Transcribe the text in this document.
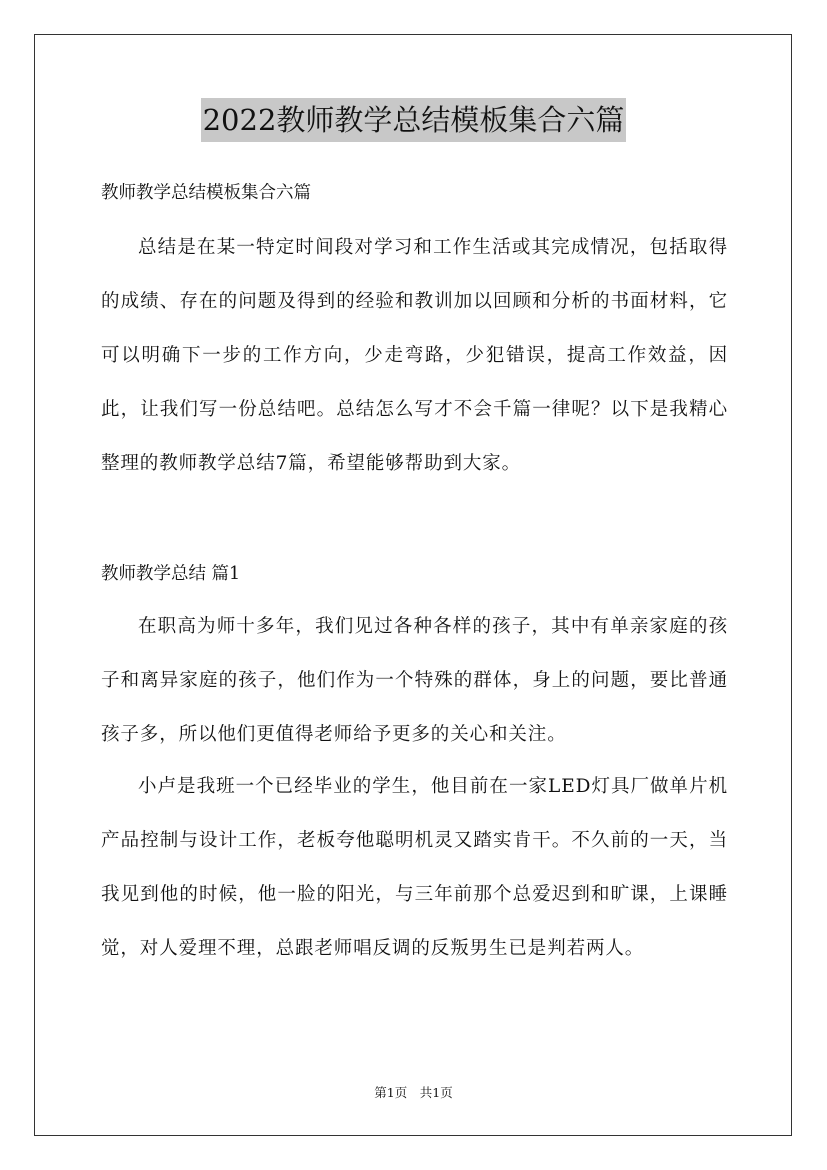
2022教师教学总结模板集合六篇

教师教学总结模板集合六篇

总结是在某一特定时间段对学习和工作生活或其完成情况，包括取得的成绩、存在的问题及得到的经验和教训加以回顾和分析的书面材料，它可以明确下一步的工作方向，少走弯路，少犯错误，提高工作效益，因此，让我们写一份总结吧。总结怎么写才不会千篇一律呢？以下是我精心整理的教师教学总结7篇，希望能够帮助到大家。

教师教学总结 篇1

在职高为师十多年，我们见过各种各样的孩子，其中有单亲家庭的孩子和离异家庭的孩子，他们作为一个特殊的群体，身上的问题，要比普通孩子多，所以他们更值得老师给予更多的关心和关注。

小卢是我班一个已经毕业的学生，他目前在一家LED灯具厂做单片机产品控制与设计工作，老板夸他聪明机灵又踏实肯干。不久前的一天，当我见到他的时候，他一脸的阳光，与三年前那个总爱迟到和旷课，上课睡觉，对人爱理不理，总跟老师唱反调的反叛男生已是判若两人。

第1页　共1页
